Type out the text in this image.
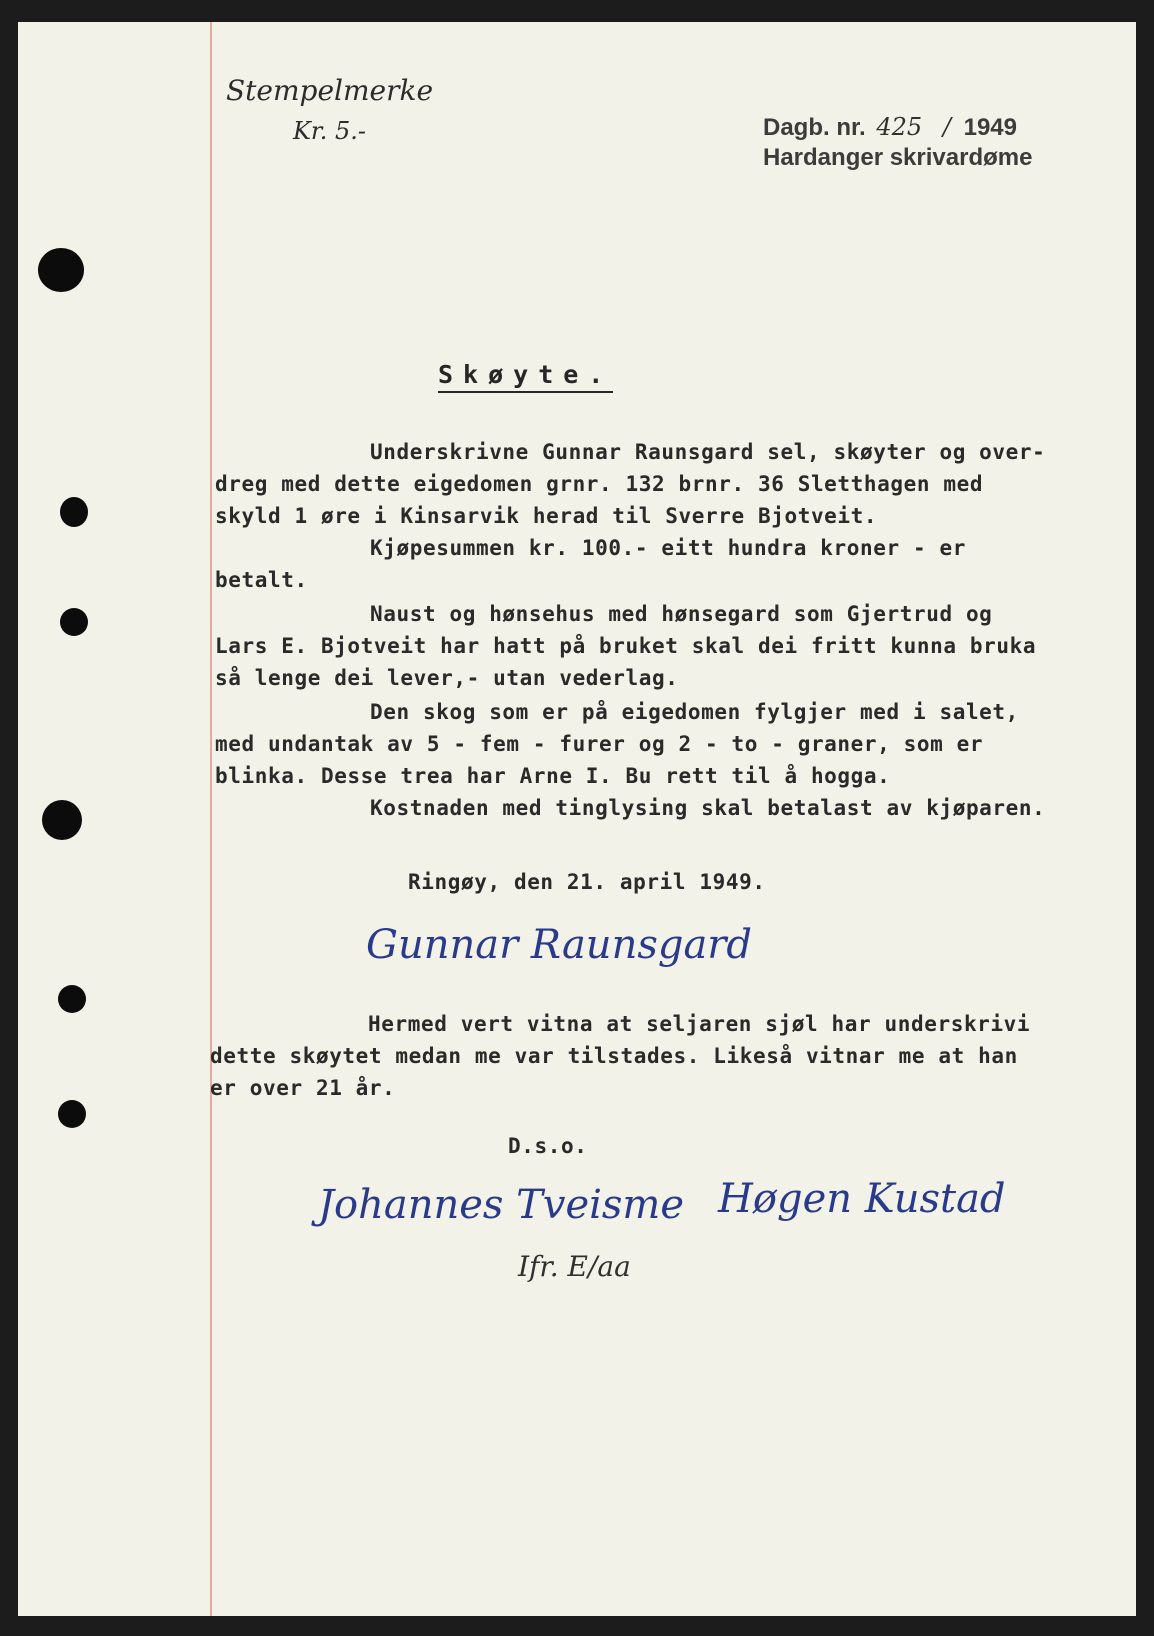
Stempelmerke
Kr. 5.-	Dagb. nr. 425 / 1949
Hardanger skrivardøme
Skøyte.
Underskrivne Gunnar Raunsgard sel, skøyter og over-
dreg med dette eigedomen grnr. 132 brnr. 36 Sletthagen med
skyld 1 øre i Kinsarvik herad til Sverre Bjotveit.
Kjøpesummen kr. 100.- eitt hundra kroner - er
betalt.
Naust og hønsehus med hønsegard som Gjertrud og
Lars E. Bjotveit har hatt på bruket skal dei fritt kunna bruka
så lenge dei lever,- utan vederlag.
Den skog som er på eigedomen fylgjer med i salet,
med undantak av 5 - fem - furer og 2 - to - graner, som er
blinka. Desse trea har Arne I. Bu rett til å hogga.
Kostnaden med tinglysing skal betalast av kjøparen.
Ringøy, den 21. april 1949.
Gunnar Raunsgard
Hermed vert vitna at seljaren sjøl har underskrivi
dette skøytet medan me var tilstades. Likeså vitnar me at han
er over 21 år.
D.s.o.
Johannes Tveisme Høgen Kustad
Ifr. E/aa
